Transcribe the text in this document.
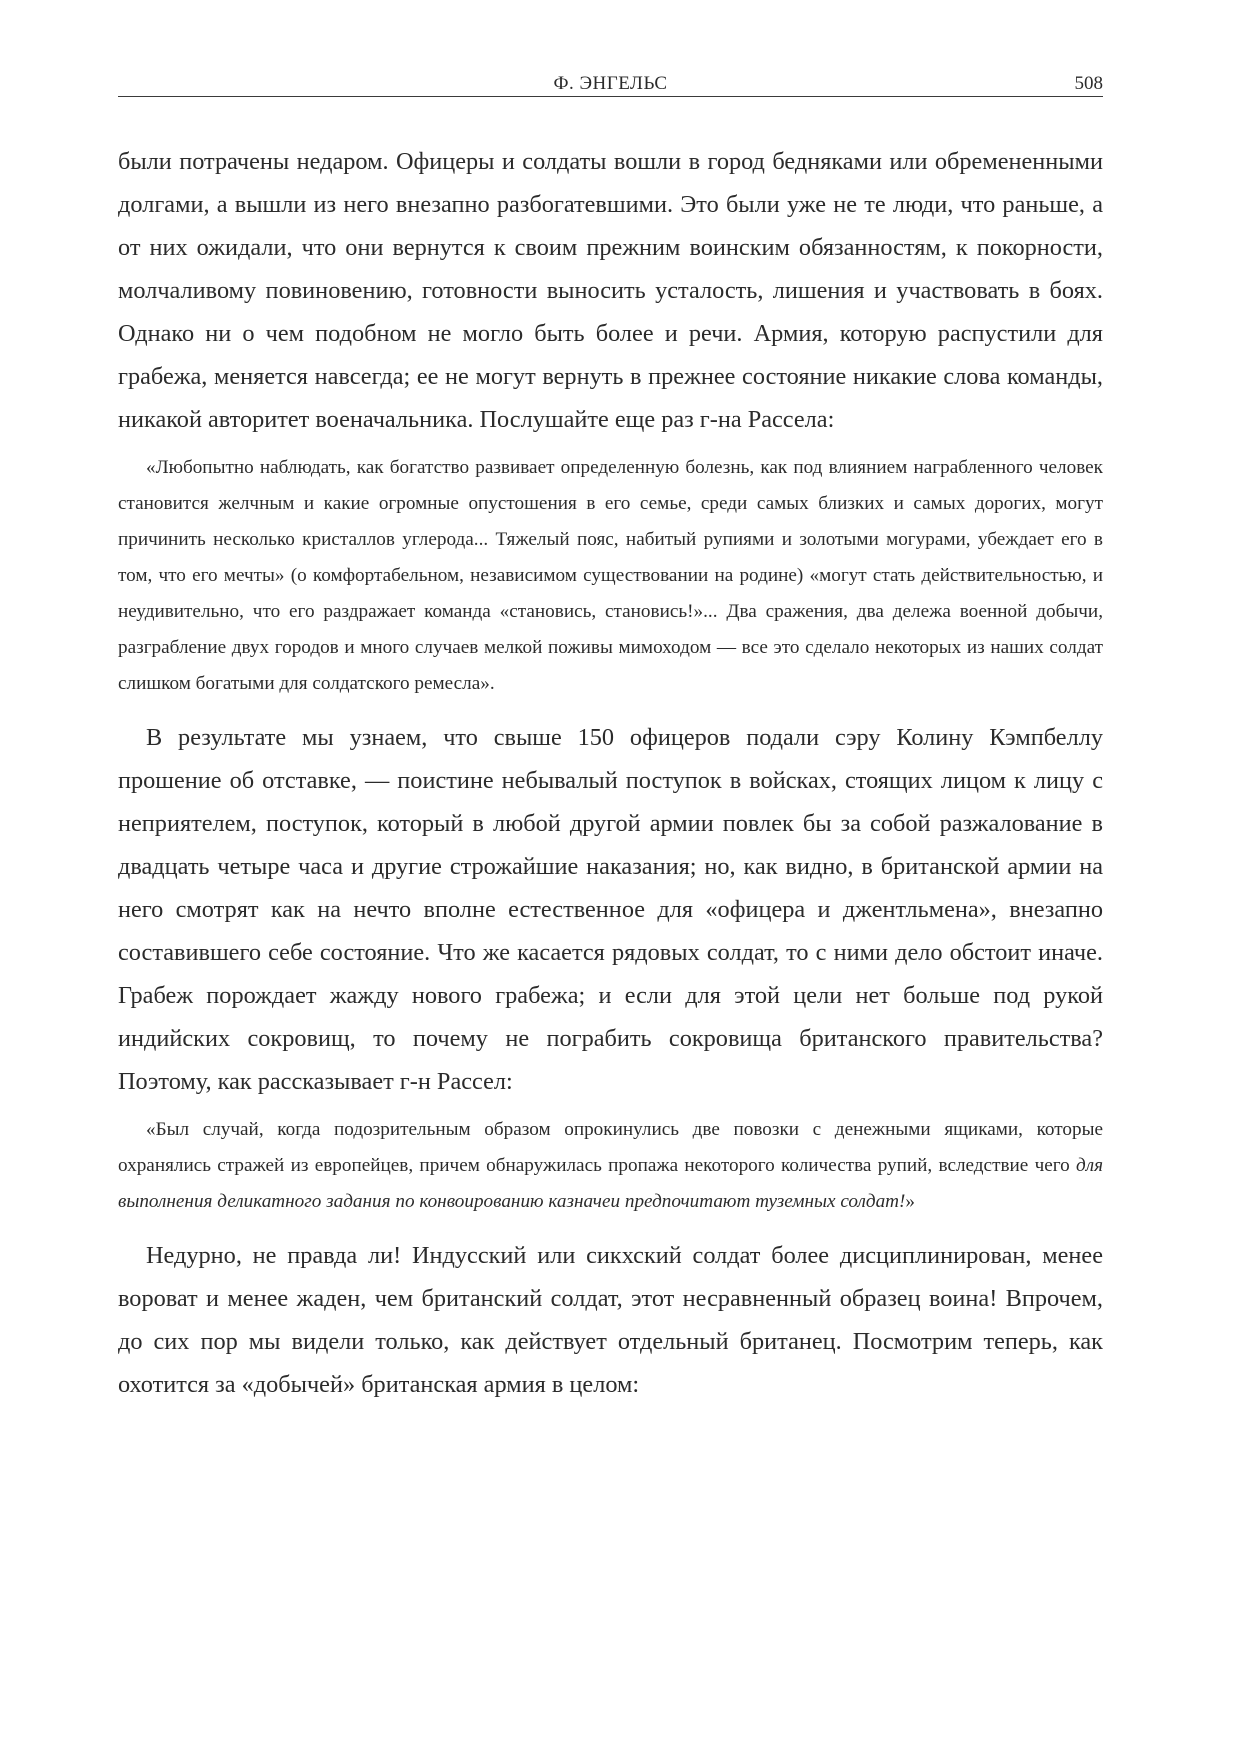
Ф. ЭНГЕЛЬС	508

были потрачены недаром. Офицеры и солдаты вошли в город бедняками или обремененными долгами, а вышли из него внезапно разбогатевшими. Это были уже не те люди, что раньше, а от них ожидали, что они вернутся к своим прежним воинским обязанностям, к покорности, молчаливому повиновению, готовности выносить усталость, лишения и участвовать в боях. Однако ни о чем подобном не могло быть более и речи. Армия, которую распустили для грабежа, меняется навсегда; ее не могут вернуть в прежнее состояние никакие слова команды, никакой авторитет военачальника. Послушайте еще раз г-на Рассела:

«Любопытно наблюдать, как богатство развивает определенную болезнь, как под влиянием награбленного человек становится желчным и какие огромные опустошения в его семье, среди самых близких и самых дорогих, могут причинить несколько кристаллов углерода... Тяжелый пояс, набитый рупиями и золотыми могурами, убеждает его в том, что его мечты» (о комфортабельном, независимом существовании на родине) «могут стать действительностью, и неудивительно, что его раздражает команда «становись, становись!»... Два сражения, два дележа военной добычи, разграбление двух городов и много случаев мелкой поживы мимоходом — все это сделало некоторых из наших солдат слишком богатыми для солдатского ремесла».

В результате мы узнаем, что свыше 150 офицеров подали сэру Колину Кэмпбеллу прошение об отставке, — поистине небывалый поступок в войсках, стоящих лицом к лицу с неприятелем, поступок, который в любой другой армии повлек бы за собой разжалование в двадцать четыре часа и другие строжайшие наказания; но, как видно, в британской армии на него смотрят как на нечто вполне естественное для «офицера и джентльмена», внезапно составившего себе состояние. Что же касается рядовых солдат, то с ними дело обстоит иначе. Грабеж порождает жажду нового грабежа; и если для этой цели нет больше под рукой индийских сокровищ, то почему не пограбить сокровища британского правительства? Поэтому, как рассказывает г-н Рассел:

«Был случай, когда подозрительным образом опрокинулись две повозки с денежными ящиками, которые охранялись стражей из европейцев, причем обнаружилась пропажа некоторого количества рупий, вследствие чего для выполнения деликатного задания по конвоированию казначеи предпочитают туземных солдат!»

Недурно, не правда ли! Индусский или сикхский солдат более дисциплинирован, менее вороват и менее жаден, чем британский солдат, этот несравненный образец воина! Впрочем, до сих пор мы видели только, как действует отдельный британец. Посмотрим теперь, как охотится за «добычей» британская армия в целом:
